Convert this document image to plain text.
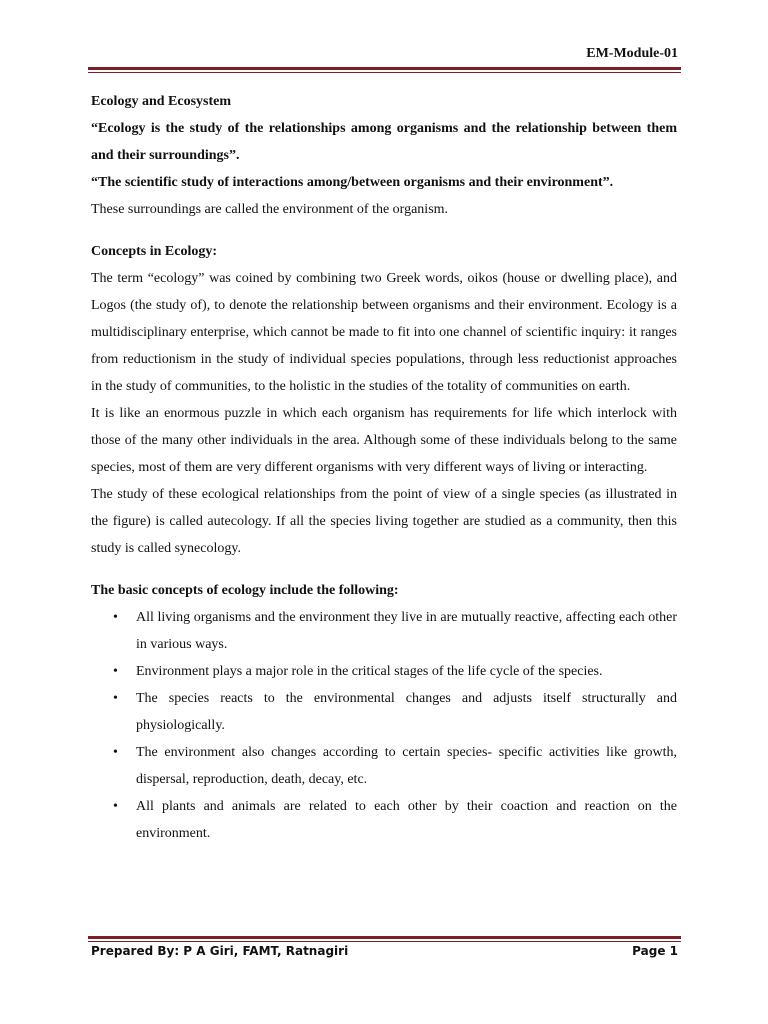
EM-Module-01

Ecology and Ecosystem

“Ecology is the study of the relationships among organisms and the relationship between them and their surroundings”.

“The scientific study of interactions among/between organisms and their environment”.

These surroundings are called the environment of the organism.

Concepts in Ecology:

The term “ecology” was coined by combining two Greek words, oikos (house or dwelling place), and Logos (the study of), to denote the relationship between organisms and their environment. Ecology is a multidisciplinary enterprise, which cannot be made to fit into one channel of scientific inquiry: it ranges from reductionism in the study of individual species populations, through less reductionist approaches in the study of communities, to the holistic in the studies of the totality of communities on earth.

It is like an enormous puzzle in which each organism has requirements for life which interlock with those of the many other individuals in the area. Although some of these individuals belong to the same species, most of them are very different organisms with very different ways of living or interacting.

The study of these ecological relationships from the point of view of a single species (as illustrated in the figure) is called autecology. If all the species living together are studied as a community, then this study is called synecology.

The basic concepts of ecology include the following:

• All living organisms and the environment they live in are mutually reactive, affecting each other in various ways.
• Environment plays a major role in the critical stages of the life cycle of the species.
• The species reacts to the environmental changes and adjusts itself structurally and physiologically.
• The environment also changes according to certain species- specific activities like growth, dispersal, reproduction, death, decay, etc.
• All plants and animals are related to each other by their coaction and reaction on the environment.
Prepared By: P A Giri, FAMT, Ratnagiri	Page 1
